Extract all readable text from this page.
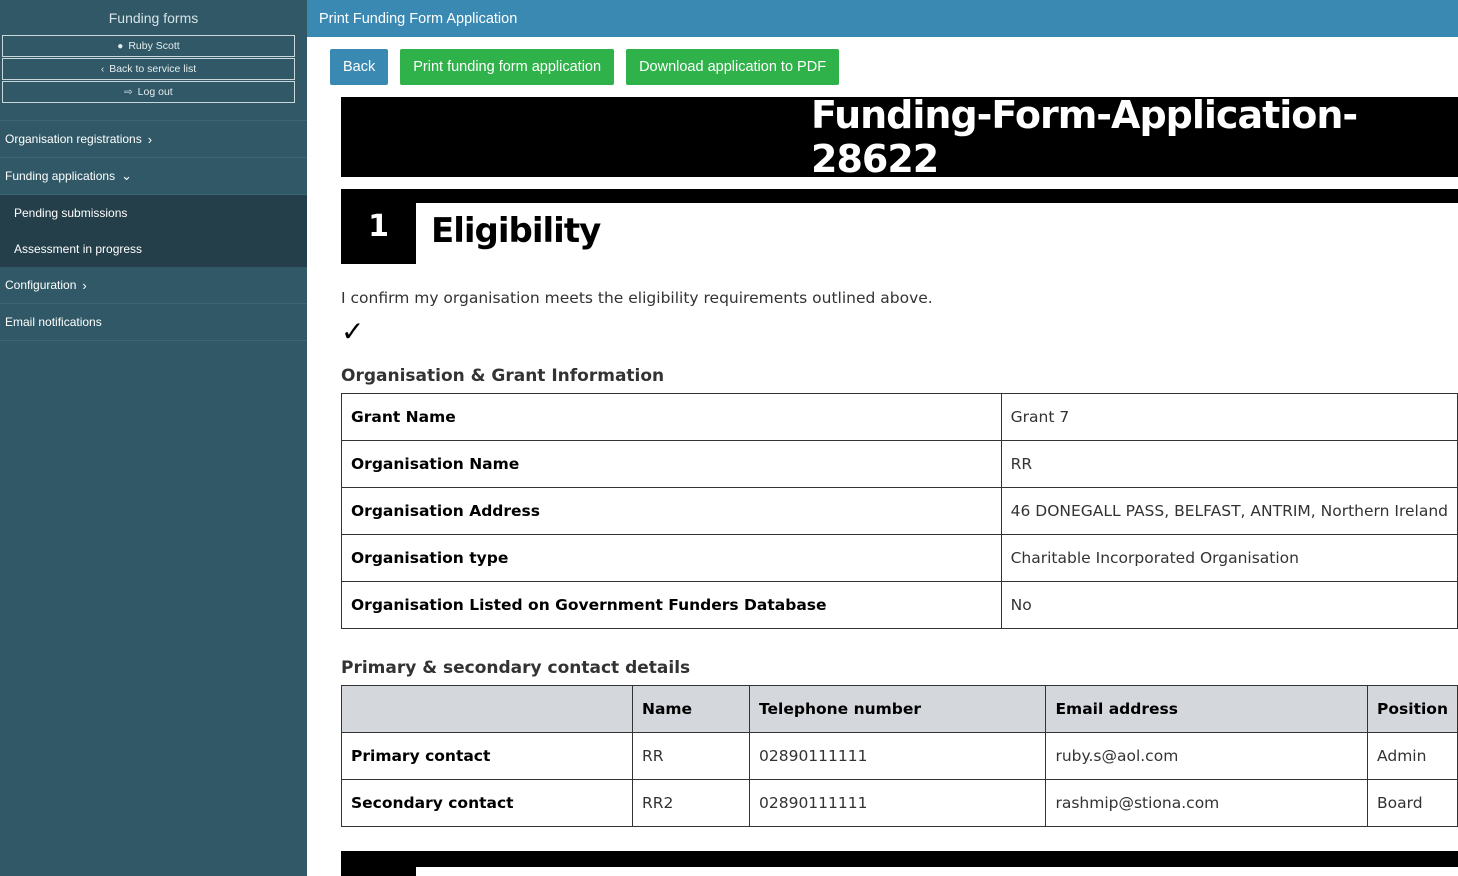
Funding forms
● Ruby Scott
‹ Back to service list
⇨ Log out
Organisation registrations ›
Funding applications ⌄
Pending submissions
Assessment in progress
Configuration ›
Email notifications
Print Funding Form Application
Back	Print funding form application	Download application to PDF
Funding-Form-Application-28622
1	Eligibility
I confirm my organisation meets the eligibility requirements outlined above.
✓
Organisation & Grant Information
Grant Name	Grant 7
Organisation Name	RR
Organisation Address	46 DONEGALL PASS, BELFAST, ANTRIM, Northern Ireland
Organisation type	Charitable Incorporated Organisation
Organisation Listed on Government Funders Database	No
Primary & secondary contact details
	Name	Telephone number	Email address	Position
Primary contact	RR	02890111111	ruby.s@aol.com	Admin
Secondary contact	RR2	02890111111	rashmip@stiona.com	Board
